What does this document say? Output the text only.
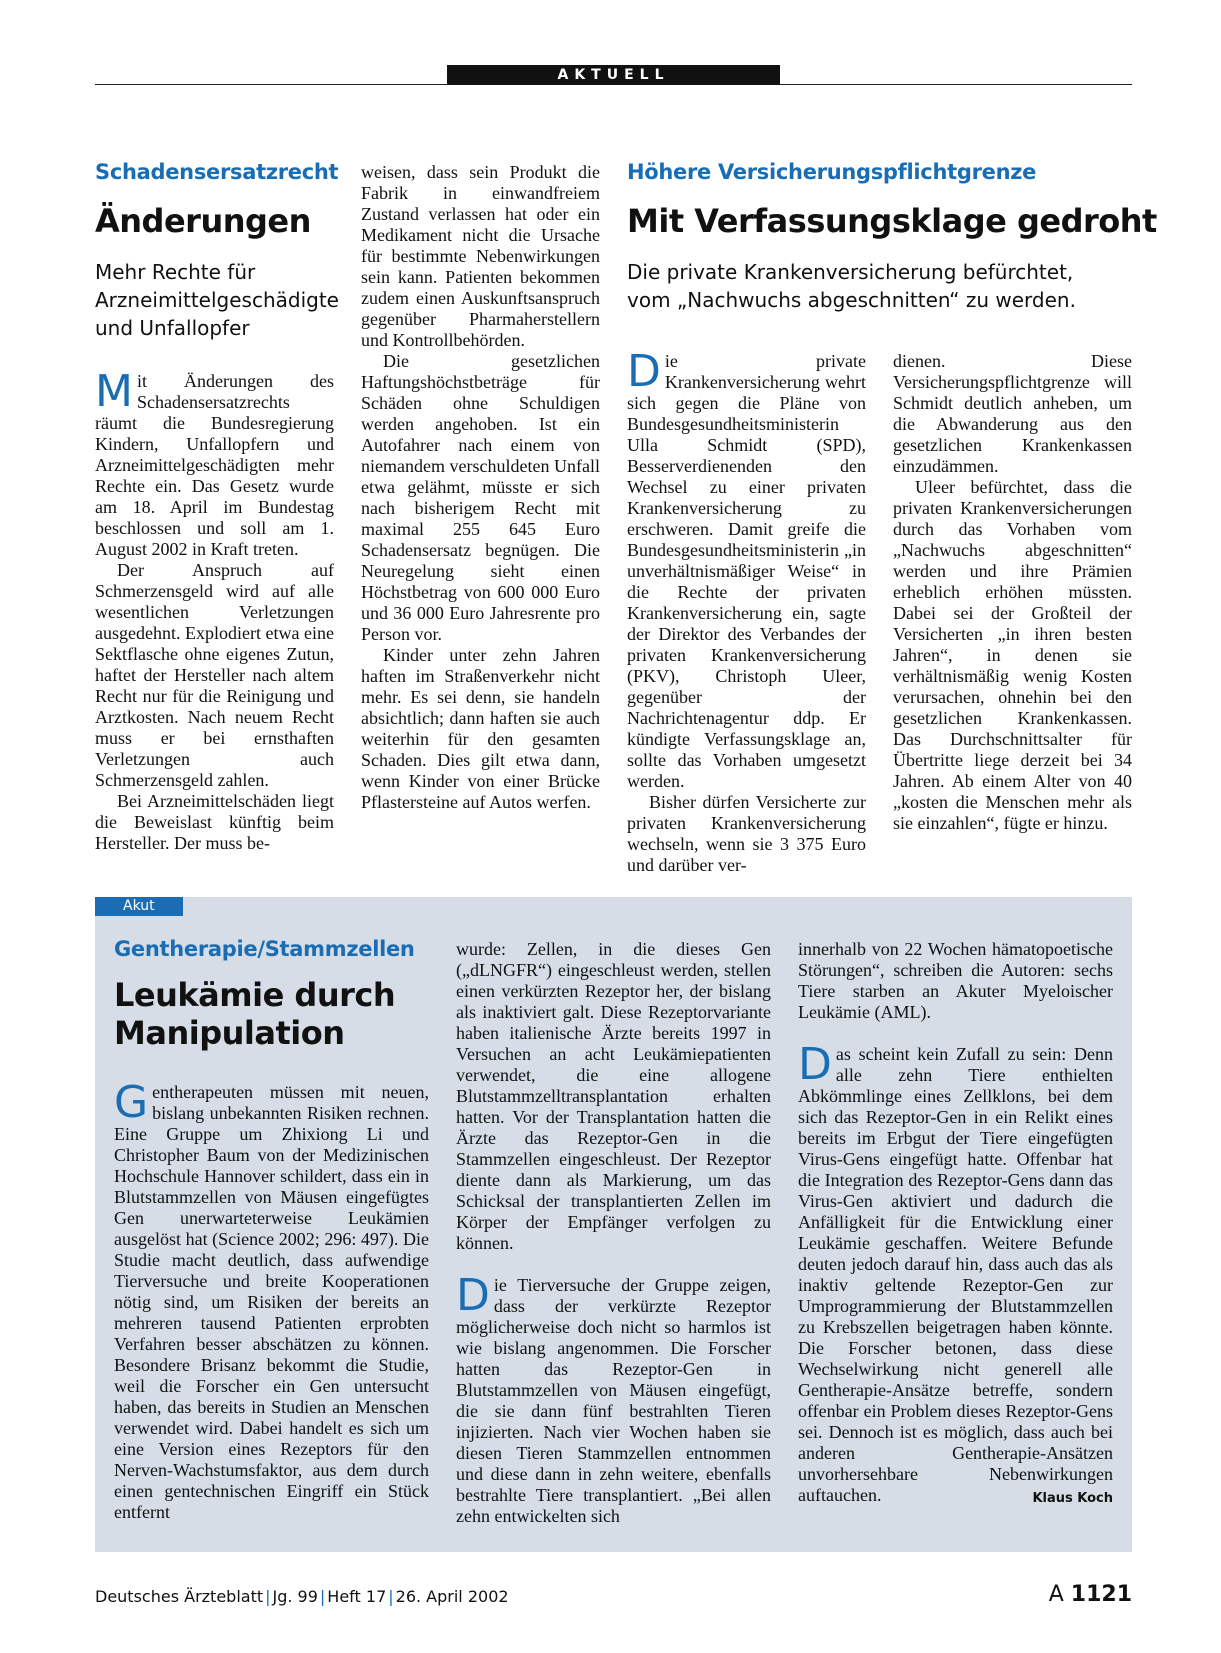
AKTUELL
Schadensersatzrecht
Änderungen
Mehr Rechte für
Arzneimittelgeschädigte
und Unfallopfer

Mit Änderungen des Schadensersatzrechts räumt die Bundesregierung Kindern, Unfallopfern und Arzneimittelgeschädigten mehr Rechte ein. Das Gesetz wurde am 18. April im Bundestag beschlossen und soll am 1. August 2002 in Kraft treten.

Der Anspruch auf Schmerzensgeld wird auf alle wesentlichen Verletzungen ausgedehnt. Explodiert etwa eine Sektflasche ohne eigenes Zutun, haftet der Hersteller nach altem Recht nur für die Reinigung und Arztkosten. Nach neuem Recht muss er bei ernsthaften Verletzungen auch Schmerzensgeld zahlen.

Bei Arzneimittelschäden liegt die Beweislast künftig beim Hersteller. Der muss be-

weisen, dass sein Produkt die Fabrik in einwandfreiem Zustand verlassen hat oder ein Medikament nicht die Ursache für bestimmte Nebenwirkungen sein kann. Patienten bekommen zudem einen Auskunftsanspruch gegenüber Pharmaherstellern und Kontrollbehörden.

Die gesetzlichen Haftungshöchstbeträge für Schäden ohne Schuldigen werden angehoben. Ist ein Autofahrer nach einem von niemandem verschuldeten Unfall etwa gelähmt, müsste er sich nach bisherigem Recht mit maximal 255 645 Euro Schadensersatz begnügen. Die Neuregelung sieht einen Höchstbetrag von 600 000 Euro und 36 000 Euro Jahresrente pro Person vor.

Kinder unter zehn Jahren haften im Straßenverkehr nicht mehr. Es sei denn, sie handeln absichtlich; dann haften sie auch weiterhin für den gesamten Schaden. Dies gilt etwa dann, wenn Kinder von einer Brücke Pflastersteine auf Autos werfen.

Höhere Versicherungspflichtgrenze
Mit Verfassungsklage gedroht
Die private Krankenversicherung befürchtet,
vom „Nachwuchs abgeschnitten“ zu werden.

Die private Krankenversicherung wehrt sich gegen die Pläne von Bundesgesundheitsministerin Ulla Schmidt (SPD), Besserverdienenden den Wechsel zu einer privaten Krankenversicherung zu erschweren. Damit greife die Bundesgesundheitsministerin „in unverhältnismäßiger Weise“ in die Rechte der privaten Krankenversicherung ein, sagte der Direktor des Verbandes der privaten Krankenversicherung (PKV), Christoph Uleer, gegenüber der Nachrichtenagentur ddp. Er kündigte Verfassungsklage an, sollte das Vorhaben umgesetzt werden.

Bisher dürfen Versicherte zur privaten Krankenversicherung wechseln, wenn sie 3 375 Euro und darüber ver-

dienen. Diese Versicherungspflichtgrenze will Schmidt deutlich anheben, um die Abwanderung aus den gesetzlichen Krankenkassen einzudämmen.

Uleer befürchtet, dass die privaten Krankenversicherungen durch das Vorhaben vom „Nachwuchs abgeschnitten“ werden und ihre Prämien erheblich erhöhen müssten. Dabei sei der Großteil der Versicherten „in ihren besten Jahren“, in denen sie verhältnismäßig wenig Kosten verursachen, ohnehin bei den gesetzlichen Krankenkassen. Das Durchschnittsalter für Übertritte liege derzeit bei 34 Jahren. Ab einem Alter von 40 „kosten die Menschen mehr als sie einzahlen“, fügte er hinzu.

Akut
Gentherapie/Stammzellen
Leukämie durch
Manipulation

Gentherapeuten müssen mit neuen, bislang unbekannten Risiken rechnen. Eine Gruppe um Zhixiong Li und Christopher Baum von der Medizinischen Hochschule Hannover schildert, dass ein in Blutstammzellen von Mäusen eingefügtes Gen unerwarteterweise Leukämien ausgelöst hat (Science 2002; 296: 497). Die Studie macht deutlich, dass aufwendige Tierversuche und breite Kooperationen nötig sind, um Risiken der bereits an mehreren tausend Patienten erprobten Verfahren besser abschätzen zu können. Besondere Brisanz bekommt die Studie, weil die Forscher ein Gen untersucht haben, das bereits in Studien an Menschen verwendet wird. Dabei handelt es sich um eine Version eines Rezeptors für den Nerven-Wachstumsfaktor, aus dem durch einen gentechnischen Eingriff ein Stück entfernt

wurde: Zellen, in die dieses Gen („dLNGFR“) eingeschleust werden, stellen einen verkürzten Rezeptor her, der bislang als inaktiviert galt. Diese Rezeptorvariante haben italienische Ärzte bereits 1997 in Versuchen an acht Leukämiepatienten verwendet, die eine allogene Blutstammzelltransplantation erhalten hatten. Vor der Transplantation hatten die Ärzte das Rezeptor-Gen in die Stammzellen eingeschleust. Der Rezeptor diente dann als Markierung, um das Schicksal der transplantierten Zellen im Körper der Empfänger verfolgen zu können.

Die Tierversuche der Gruppe zeigen, dass der verkürzte Rezeptor möglicherweise doch nicht so harmlos ist wie bislang angenommen. Die Forscher hatten das Rezeptor-Gen in Blutstammzellen von Mäusen eingefügt, die sie dann fünf bestrahlten Tieren injizierten. Nach vier Wochen haben sie diesen Tieren Stammzellen entnommen und diese dann in zehn weitere, ebenfalls bestrahlte Tiere transplantiert. „Bei allen zehn entwickelten sich

innerhalb von 22 Wochen hämatopoetische Störungen“, schreiben die Autoren: sechs Tiere starben an Akuter Myeloischer Leukämie (AML).

Das scheint kein Zufall zu sein: Denn alle zehn Tiere enthielten Abkömmlinge eines Zellklons, bei dem sich das Rezeptor-Gen in ein Relikt eines bereits im Erbgut der Tiere eingefügten Virus-Gens eingefügt hatte. Offenbar hat die Integration des Rezeptor-Gens dann das Virus-Gen aktiviert und dadurch die Anfälligkeit für die Entwicklung einer Leukämie geschaffen. Weitere Befunde deuten jedoch darauf hin, dass auch das als inaktiv geltende Rezeptor-Gen zur Umprogrammierung der Blutstammzellen zu Krebszellen beigetragen haben könnte. Die Forscher betonen, dass diese Wechselwirkung nicht generell alle Gentherapie-Ansätze betreffe, sondern offenbar ein Problem dieses Rezeptor-Gens sei. Dennoch ist es möglich, dass auch bei anderen Gentherapie-Ansätzen unvorhersehbare Nebenwirkungen auftauchen.	Klaus Koch

Deutsches Ärzteblatt | Jg. 99 | Heft 17 | 26. April 2002	A 1121
